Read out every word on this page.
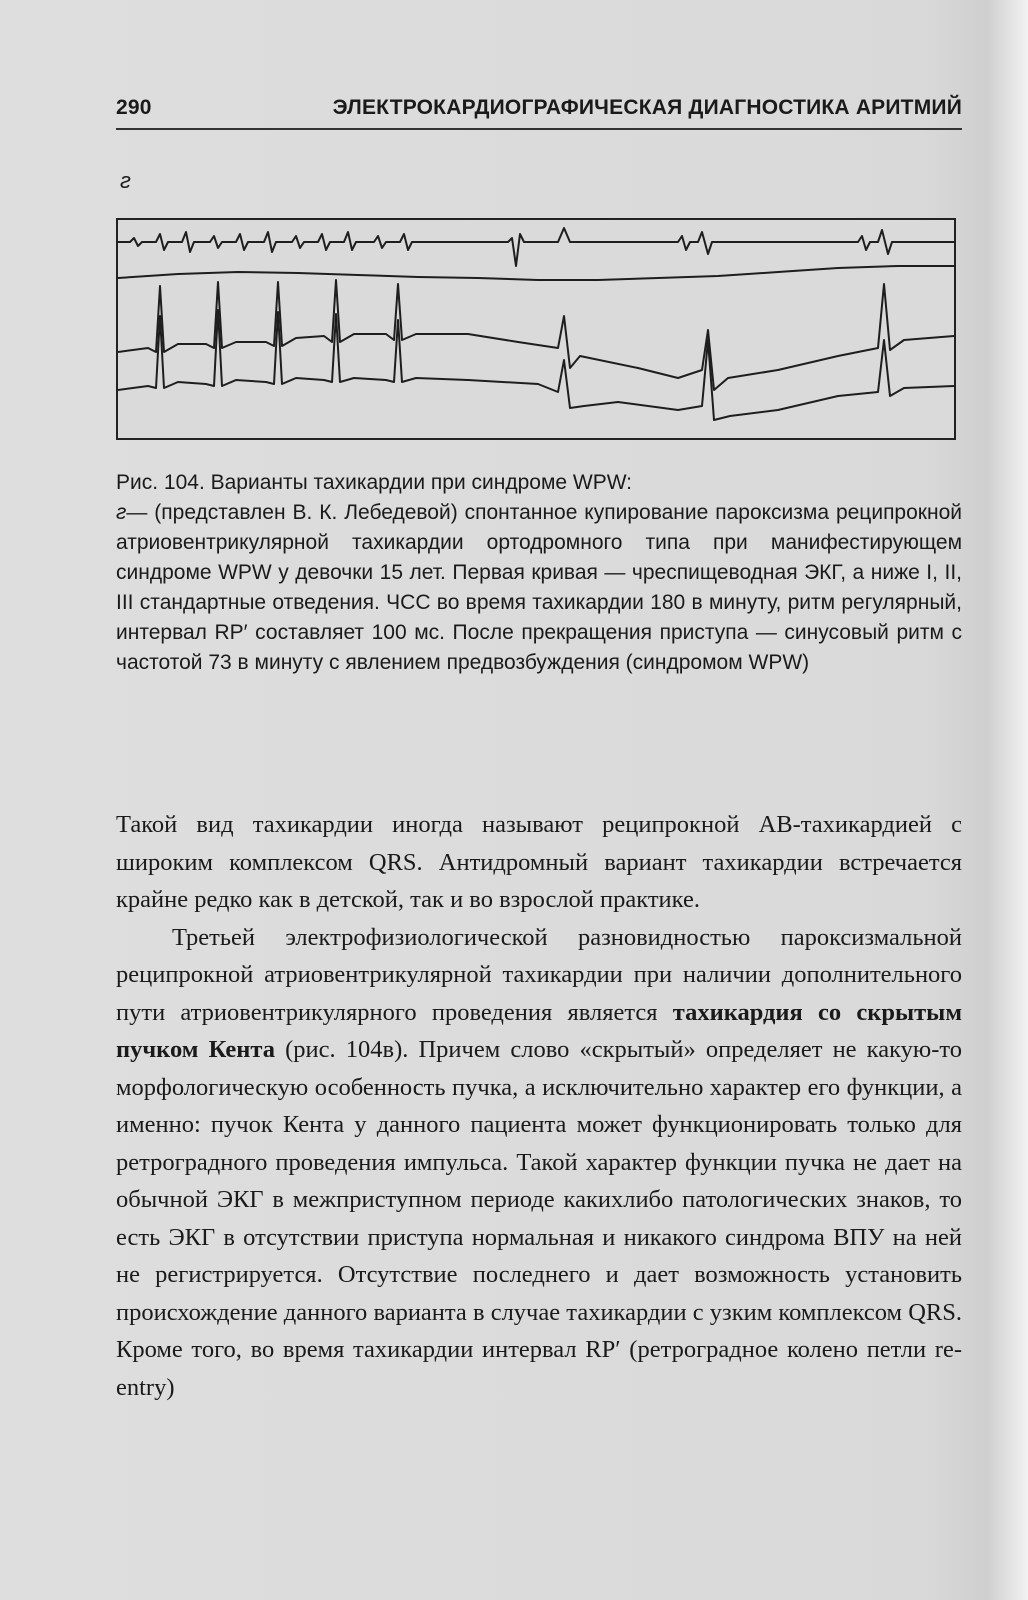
290	ЭЛЕКТРОКАРДИОГРАФИЧЕСКАЯ ДИАГНОСТИКА АРИТМИЙ
г

Рис. 104. Варианты тахикардии при синдроме WPW:

г— (представлен В. К. Лебедевой) спонтанное купирование пароксизма реципрокной атриовентрикулярной тахикардии ортодромного типа при манифестирующем синдроме WPW у девочки 15 лет. Первая кривая — чреспищеводная ЭКГ, а ниже I, II, III стандартные отведения. ЧСС во время тахикардии 180 в минуту, ритм регулярный, интервал RP′ составляет 100 мс. После прекращения приступа — синусовый ритм с частотой 73 в минуту с явлением предвозбуждения (синдромом WPW)

Такой вид тахикардии иногда называют реципрокной АВ-тахикардией с широким комплексом QRS. Антидромный вариант тахикардии встречается крайне редко как в детской, так и во взрослой практике.

Третьей электрофизиологической разновидностью пароксизмальной реципрокной атриовентрикулярной тахикардии при наличии дополнительного пути атриовентрикулярного проведения является тахикардия со скрытым пучком Кента (рис. 104в). Причем слово «скрытый» определяет не какую-то морфологическую особенность пучка, а исключительно характер его функции, а именно: пучок Кента у данного пациента может функционировать только для ретроградного проведения импульса. Такой характер функции пучка не дает на обычной ЭКГ в межприступном периоде какихлибо патологических знаков, то есть ЭКГ в отсутствии приступа нормальная и никакого синдрома ВПУ на ней не регистрируется. Отсутствие последнего и дает возможность установить происхождение данного варианта в случае тахикардии с узким комплексом QRS. Кроме того, во время тахикардии интервал RP′ (ретроградное колено петли re-entry)
